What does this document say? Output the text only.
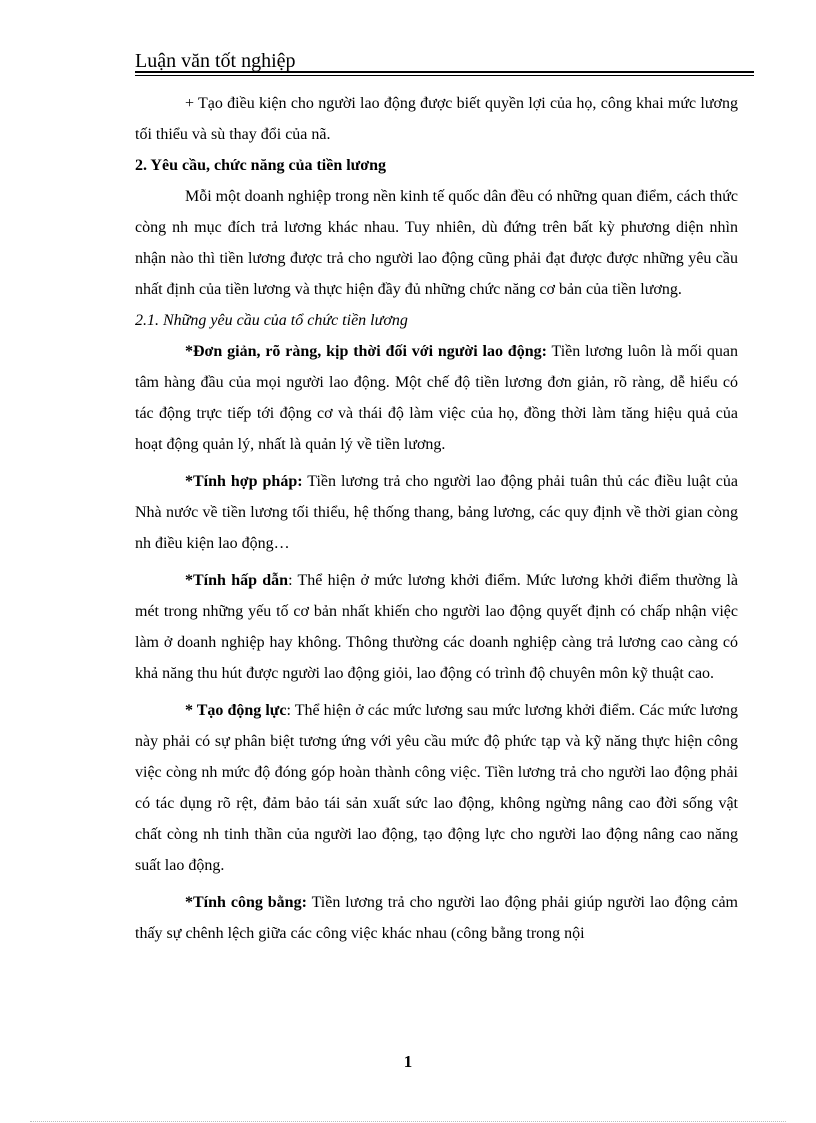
Luận văn tốt nghiệp

+ Tạo điều kiện cho người lao động được biết quyền lợi của họ, công khai mức lương tối thiểu và sù thay đổi của nã.

2. Yêu cầu, chức năng của tiền lương

Mỗi một doanh nghiệp trong nền kinh tế quốc dân đều có những quan điểm, cách thức còng nh mục đích trả lương khác nhau. Tuy nhiên, dù đứng trên bất kỳ phương diện nhìn nhận nào thì tiền lương được trả cho người lao động cũng phải đạt được được những yêu cầu nhất định của tiền lương và thực hiện đầy đủ những chức năng cơ bản của tiền lương.

2.1. Những yêu cầu của tổ chức tiền lương

*Đơn giản, rõ ràng, kịp thời đối với người lao động: Tiền lương luôn là mối quan tâm hàng đầu của mọi người lao động. Một chế độ tiền lương đơn giản, rõ ràng, dễ hiểu có tác động trực tiếp tới động cơ và thái độ làm việc của họ, đồng thời làm tăng hiệu quả của hoạt động quản lý, nhất là quản lý về tiền lương.

*Tính hợp pháp: Tiền lương trả cho người lao động phải tuân thủ các điều luật của Nhà nước về tiền lương tối thiểu, hệ thống thang, bảng lương, các quy định về thời gian còng nh điều kiện lao động…

*Tính hấp dẫn: Thể hiện ở mức lương khởi điểm. Mức lương khởi điểm thường là mét trong những yếu tố cơ bản nhất khiến cho người lao động quyết định có chấp nhận việc làm ở doanh nghiệp hay không. Thông thường các doanh nghiệp càng trả lương cao càng có khả năng thu hút được người lao động giỏi, lao động có trình độ chuyên môn kỹ thuật cao.

* Tạo động lực: Thể hiện ở các mức lương sau mức lương khởi điểm. Các mức lương này phải có sự phân biệt tương ứng với yêu cầu mức độ phức tạp và kỹ năng thực hiện công việc còng nh mức độ đóng góp hoàn thành công việc. Tiền lương trả cho người lao động phải có tác dụng rõ rệt, đảm bảo tái sản xuất sức lao động, không ngừng nâng cao đời sống vật chất còng nh tinh thần của người lao động, tạo động lực cho người lao động nâng cao năng suất lao động.

*Tính công bằng: Tiền lương trả cho người lao động phải giúp người lao động cảm thấy sự chênh lệch giữa các công việc khác nhau (công bằng trong nội

1
